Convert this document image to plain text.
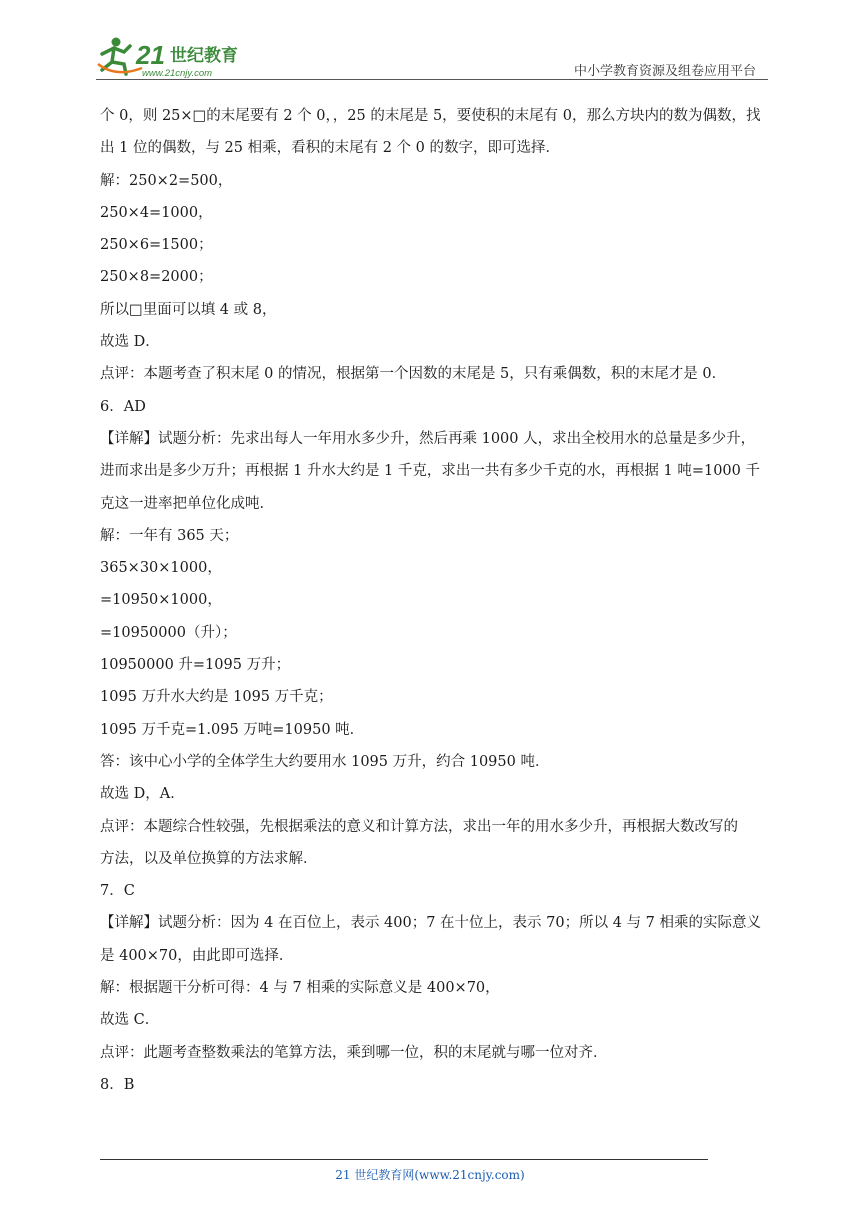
21 世纪教育
www.21cnjy.com	中小学教育资源及组卷应用平台
个 0，则 25×□的末尾要有 2 个 0，，25 的末尾是 5，要使积的末尾有 0，那么方块内的数为偶数，找
出 1 位的偶数，与 25 相乘，看积的末尾有 2 个 0 的数字，即可选择．
解：250×2=500，
250×4=1000，
250×6=1500；
250×8=2000；
所以□里面可以填 4 或 8，
故选 D．
点评：本题考查了积末尾 0 的情况，根据第一个因数的末尾是 5，只有乘偶数，积的末尾才是 0．
6．AD
【详解】试题分析：先求出每人一年用水多少升，然后再乘 1000 人，求出全校用水的总量是多少升，
进而求出是多少万升；再根据 1 升水大约是 1 千克，求出一共有多少千克的水，再根据 1 吨=1000 千
克这一进率把单位化成吨．
解：一年有 365 天；
365×30×1000，
=10950×1000，
=10950000（升）；
10950000 升=1095 万升；
1095 万升水大约是 1095 万千克；
1095 万千克=1.095 万吨=10950 吨．
答：该中心小学的全体学生大约要用水 1095 万升，约合 10950 吨．
故选 D，A．
点评：本题综合性较强，先根据乘法的意义和计算方法，求出一年的用水多少升，再根据大数改写的
方法，以及单位换算的方法求解．
7．C
【详解】试题分析：因为 4 在百位上，表示 400；7 在十位上，表示 70；所以 4 与 7 相乘的实际意义
是 400×70，由此即可选择．
解：根据题干分析可得：4 与 7 相乘的实际意义是 400×70，
故选 C．
点评：此题考查整数乘法的笔算方法，乘到哪一位，积的末尾就与哪一位对齐．
8．B
21 世纪教育网(www.21cnjy.com)
